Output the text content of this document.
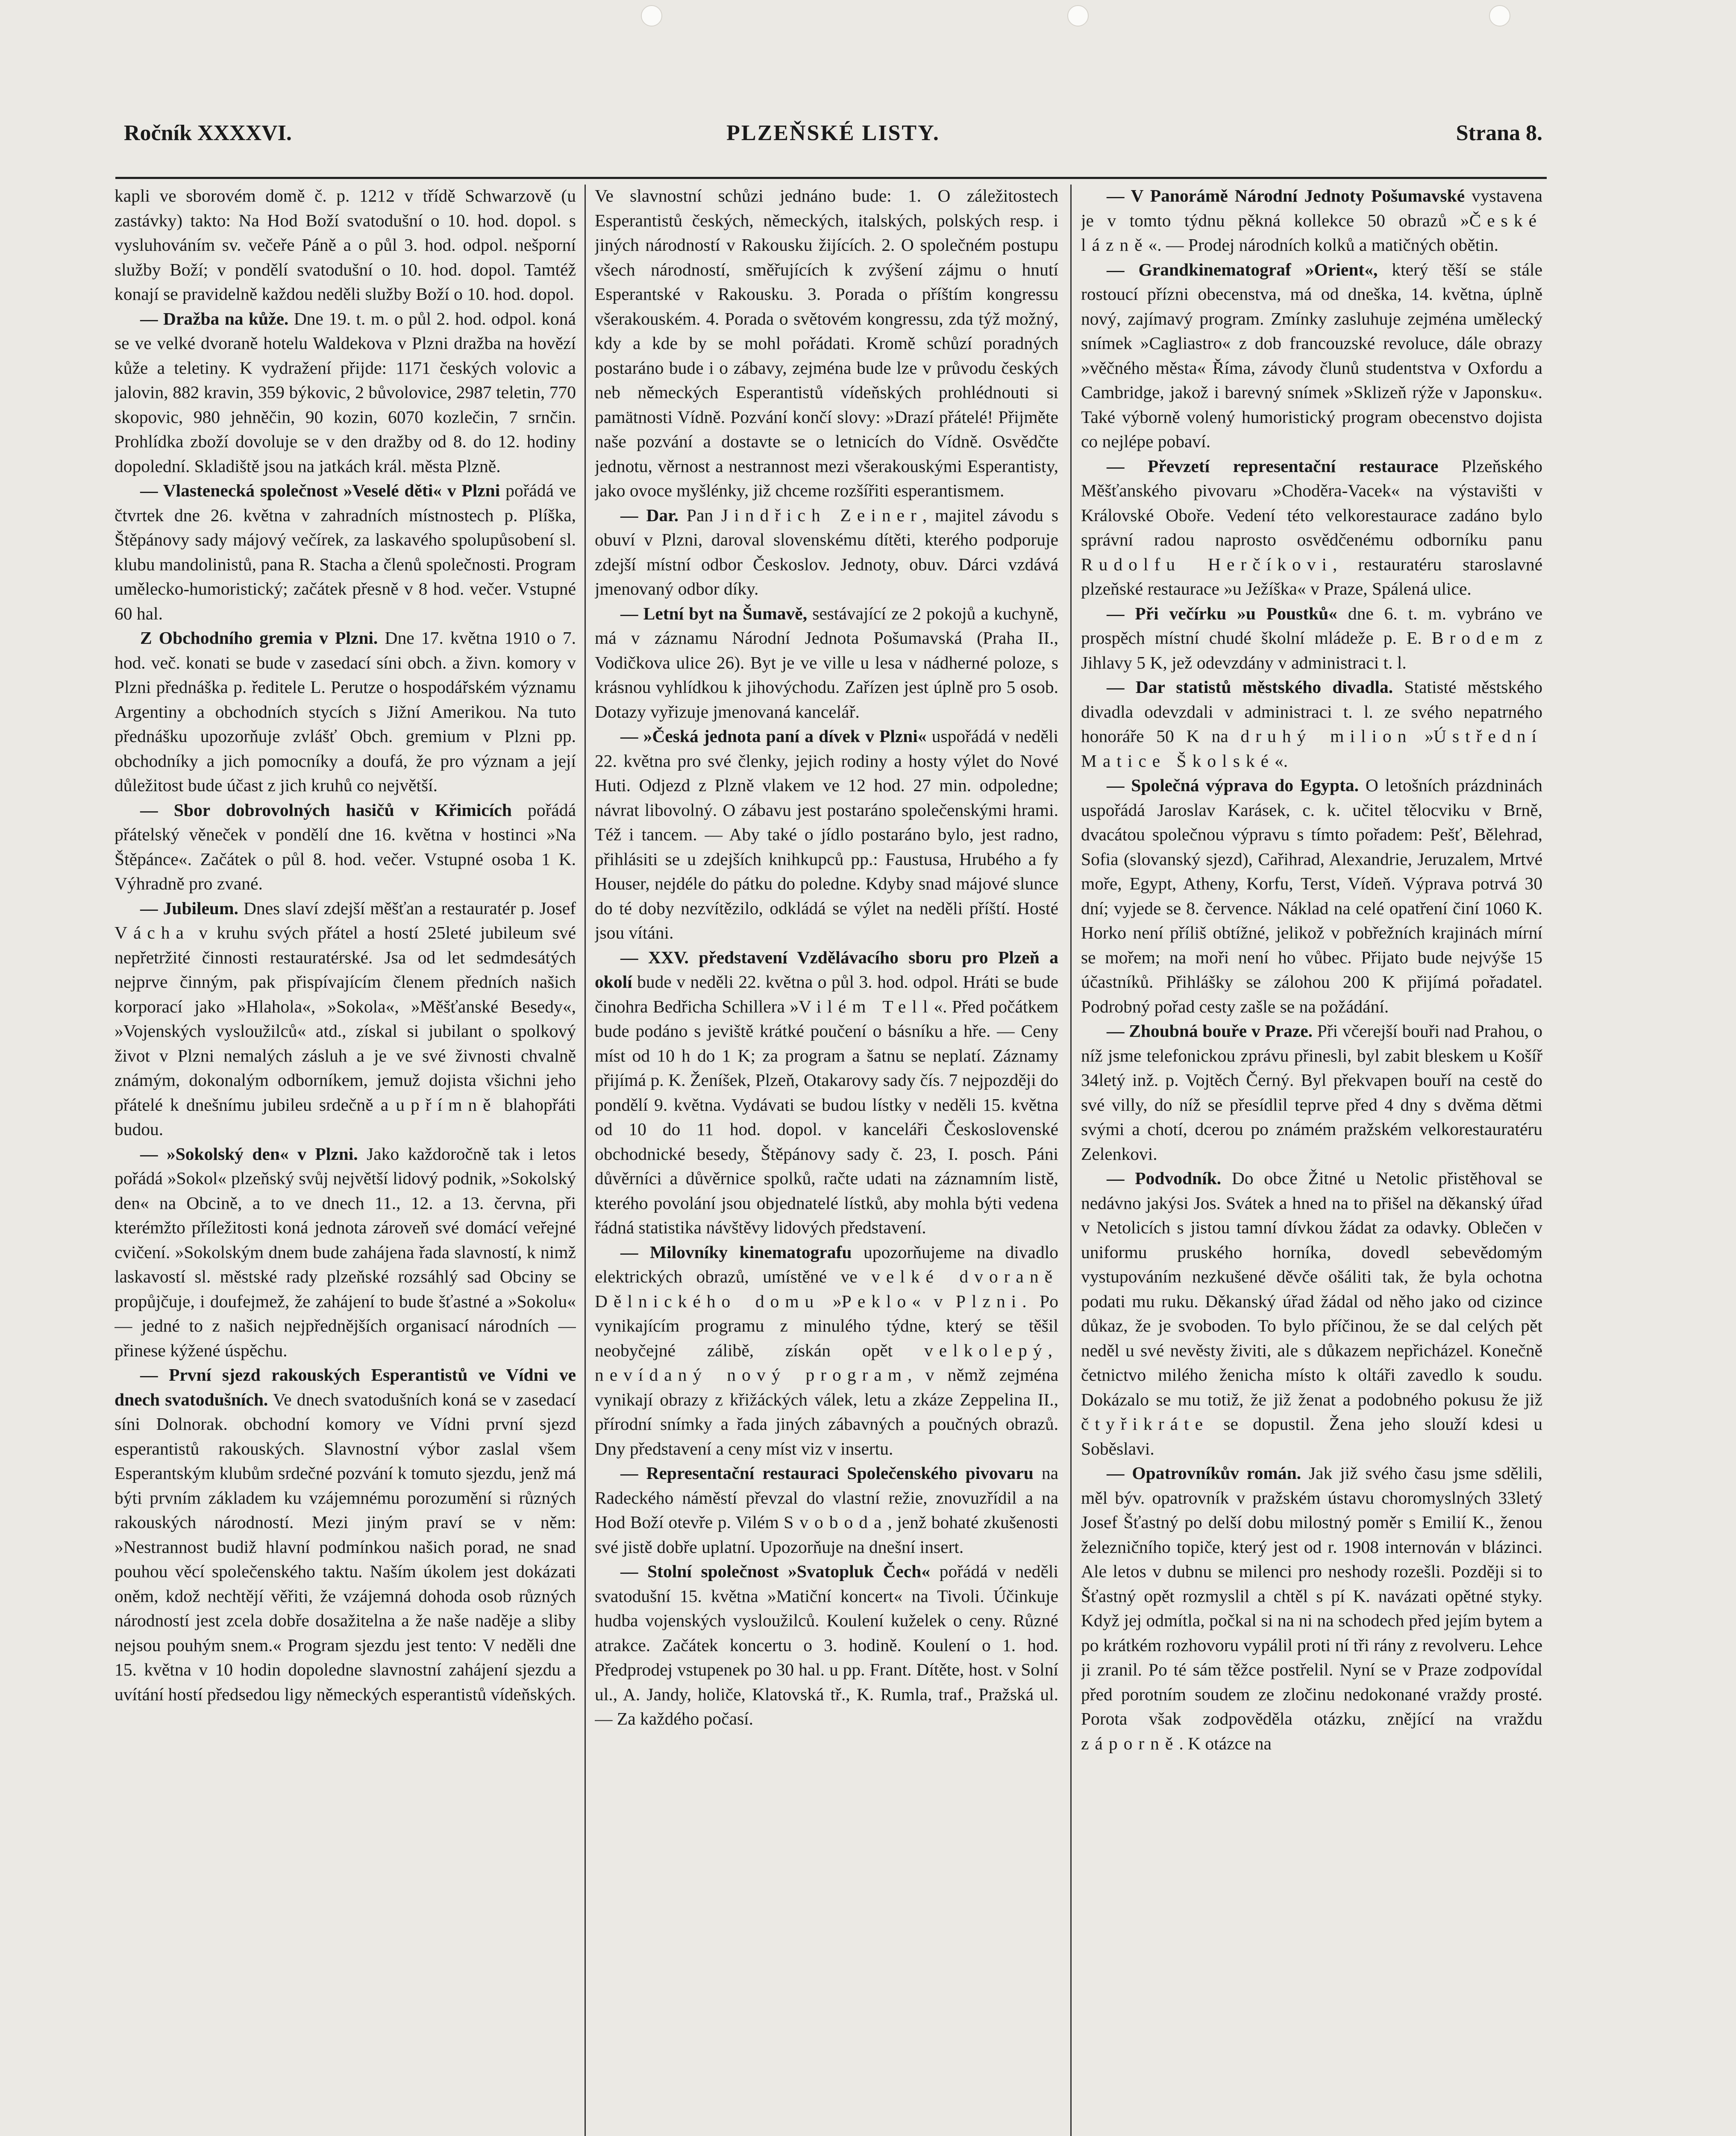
Ročník XXXXVI.	PLZEŇSKÉ LISTY.	Strana 8.

kapli ve sborovém domě č. p. 1212 v třídě Schwarzově (u zastávky) takto: Na Hod Boží svatodušní o 10. hod. dopol. s vysluhováním sv. večeře Páně a o půl 3. hod. odpol. nešporní služby Boží; v pondělí svatodušní o 10. hod. dopol. Tamtéž konají se pravidelně každou neděli služby Boží o 10. hod. dopol.

— Dražba na kůže. Dne 19. t. m. o půl 2. hod. odpol. koná se ve velké dvoraně hotelu Waldekova v Plzni dražba na hovězí kůže a teletiny. K vydražení přijde: 1171 českých volovic a jalovin, 882 kravin, 359 býkovic, 2 bůvolovice, 2987 teletin, 770 skopovic, 980 jehněčin, 90 kozin, 6070 kozlečin, 7 srnčin. Prohlídka zboží dovoluje se v den dražby od 8. do 12. hodiny dopolední. Skladiště jsou na jatkách král. města Plzně.

— Vlastenecká společnost »Veselé děti« v Plzni pořádá ve čtvrtek dne 26. května v zahradních místnostech p. Plíška, Štěpánovy sady májový večírek, za laskavého spolupůsobení sl. klubu mandolinistů, pana R. Stacha a členů společnosti. Program umělecko-humoristický; začátek přesně v 8 hod. večer. Vstupné 60 hal.

Z Obchodního gremia v Plzni. Dne 17. května 1910 o 7. hod. več. konati se bude v zasedací síni obch. a živn. komory v Plzni přednáška p. ředitele L. Perutze o hospodářském významu Argentiny a obchodních stycích s Jižní Amerikou. Na tuto přednášku upozorňuje zvlášť Obch. gremium v Plzni pp. obchodníky a jich pomocníky a doufá, že pro význam a její důležitost bude účast z jich kruhů co největší.

— Sbor dobrovolných hasičů v Křimicích pořádá přátelský věneček v pondělí dne 16. května v hostinci »Na Štěpánce«. Začátek o půl 8. hod. večer. Vstupné osoba 1 K. Výhradně pro zvané.

— Jubileum. Dnes slaví zdejší měšťan a restauratér p. Josef Vácha v kruhu svých přátel a hostí 25leté jubileum své nepřetržité činnosti restauratérské. Jsa od let sedmdesátých nejprve činným, pak přispívajícím členem předních našich korporací jako »Hlahola«, »Sokola«, »Měšťanské Besedy«, »Vojenských vysloužilců« atd., získal si jubilant o spolkový život v Plzni nemalých zásluh a je ve své živnosti chvalně známým, dokonalým odborníkem, jemuž dojista všichni jeho přátelé k dnešnímu jubileu srdečně a upřímně blahopřáti budou.

— »Sokolský den« v Plzni. Jako každoročně tak i letos pořádá »Sokol« plzeňský svůj největší lidový podnik, »Sokolský den« na Obcině, a to ve dnech 11., 12. a 13. června, při kterémžto příležitosti koná jednota zároveň své domácí veřejné cvičení. »Sokolským dnem bude zahájena řada slavností, k nimž laskavostí sl. městské rady plzeňské rozsáhlý sad Obciny se propůjčuje, i doufejmež, že zahájení to bude šťastné a »Sokolu« — jedné to z našich nejpřednějších organisací národních — přinese kýžené úspěchu.

— První sjezd rakouských Esperantistů ve Vídni ve dnech svatodušních. Ve dnech svatodušních koná se v zasedací síni Dolnorak. obchodní komory ve Vídni první sjezd esperantistů rakouských. Slavnostní výbor zaslal všem Esperantským klubům srdečné pozvání k tomuto sjezdu, jenž má býti prvním základem ku vzájemnému porozumění si různých rakouských národností. Mezi jiným praví se v něm: »Nestrannost budiž hlavní podmínkou našich porad, ne snad pouhou věcí společenského taktu. Naším úkolem jest dokázati oněm, kdož nechtějí věřiti, že vzájemná dohoda osob různých národností jest zcela dobře dosažitelna a že naše naděje a sliby nejsou pouhým snem.« Program sjezdu jest tento: V neděli dne 15. května v 10 hodin dopoledne slavnostní zahájení sjezdu a uvítání hostí předsedou ligy německých esperantistů vídeňských.

Ve slavnostní schůzi jednáno bude: 1. O záležitostech Esperantistů českých, německých, italských, polských resp. i jiných národností v Rakousku žijících. 2. O společném postupu všech národností, směřujících k zvýšení zájmu o hnutí Esperantské v Rakousku. 3. Porada o příštím kongressu všerakouském. 4. Porada o světovém kongressu, zda týž možný, kdy a kde by se mohl pořádati. Kromě schůzí poradných postaráno bude i o zábavy, zejména bude lze v průvodu českých neb německých Esperantistů vídeňských prohlédnouti si pamätnosti Vídně. Pozvání končí slovy: »Drazí přátelé! Přijměte naše pozvání a dostavte se o letnicích do Vídně. Osvědčte jednotu, věrnost a nestrannost mezi všerakouskými Esperantisty, jako ovoce myšlénky, již chceme rozšířiti esperantismem.

— Dar. Pan Jindřich Zeiner, majitel závodu s obuví v Plzni, daroval slovenskému dítěti, kterého podporuje zdejší místní odbor Českoslov. Jednoty, obuv. Dárci vzdává jmenovaný odbor díky.

— Letní byt na Šumavě, sestávající ze 2 pokojů a kuchyně, má v záznamu Národní Jednota Pošumavská (Praha II., Vodičkova ulice 26). Byt je ve ville u lesa v nádherné poloze, s krásnou vyhlídkou k jihovýchodu. Zařízen jest úplně pro 5 osob. Dotazy vyřizuje jmenovaná kancelář.

— »Česká jednota paní a dívek v Plzni« uspořádá v neděli 22. května pro své členky, jejich rodiny a hosty výlet do Nové Huti. Odjezd z Plzně vlakem ve 12 hod. 27 min. odpoledne; návrat libovolný. O zábavu jest postaráno společenskými hrami. Též i tancem. — Aby také o jídlo postaráno bylo, jest radno, přihlásiti se u zdejších knihkupců pp.: Faustusa, Hrubého a fy Houser, nejdéle do pátku do poledne. Kdyby snad májové slunce do té doby nezvítězilo, odkládá se výlet na neděli příští. Hosté jsou vítáni.

— XXV. představení Vzdělávacího sboru pro Plzeň a okolí bude v neděli 22. května o půl 3. hod. odpol. Hráti se bude činohra Bedřicha Schillera »Vilém Tell«. Před počátkem bude podáno s jeviště krátké poučení o básníku a hře. — Ceny míst od 10 h do 1 K; za program a šatnu se neplatí. Záznamy přijímá p. K. Ženíšek, Plzeň, Otakarovy sady čís. 7 nejpozději do pondělí 9. května. Vydávati se budou lístky v neděli 15. května od 10 do 11 hod. dopol. v kanceláři Československé obchodnické besedy, Štěpánovy sady č. 23, I. posch. Páni důvěrníci a důvěrnice spolků, račte udati na záznamním listě, kterého povolání jsou objednatelé lístků, aby mohla býti vedena řádná statistika návštěvy lidových představení.

— Milovníky kinematografu upozorňujeme na divadlo elektrických obrazů, umístěné ve velké dvoraně Dělnického domu »Peklo« v Plzni. Po vynikajícím programu z minulého týdne, který se těšil neobyčejné zálibě, získán opět velkolepý, nevídaný nový program, v němž zejména vynikají obrazy z křižáckých válek, letu a zkáze Zeppelina II., přírodní snímky a řada jiných zábavných a poučných obrazů. Dny představení a ceny míst viz v insertu.

— Representační restauraci Společenského pivovaru na Radeckého náměstí převzal do vlastní režie, znovuzřídil a na Hod Boží otevře p. Vilém Svoboda, jenž bohaté zkušenosti své jistě dobře uplatní. Upozorňuje na dnešní insert.

— Stolní společnost »Svatopluk Čech« pořádá v neděli svatodušní 15. května »Matiční koncert« na Tivoli. Účinkuje hudba vojenských vysloužilců. Koulení kuželek o ceny. Různé atrakce. Začátek koncertu o 3. hodině. Koulení o 1. hod. Předprodej vstupenek po 30 hal. u pp. Frant. Dítěte, host. v Solní ul., A. Jandy, holiče, Klatovská tř., K. Rumla, traf., Pražská ul. — Za každého počasí.

— V Panorámě Národní Jednoty Pošumavské vystavena je v tomto týdnu pěkná kollekce 50 obrazů »České lázně«. — Prodej národních kolků a matičných obětin.

— Grandkinematograf »Orient«, který těší se stále rostoucí přízni obecenstva, má od dneška, 14. května, úplně nový, zajímavý program. Zmínky zasluhuje zejména umělecký snímek »Cagliastro« z dob francouzské revoluce, dále obrazy »věčného města« Říma, závody člunů studentstva v Oxfordu a Cambridge, jakož i barevný snímek »Sklizeň rýže v Japonsku«. Také výborně volený humoristický program obecenstvo dojista co nejlépe pobaví.

— Převzetí representační restaurace Plzeňského Měšťanského pivovaru »Choděra-Vacek« na výstavišti v Královské Oboře. Vedení této velkorestaurace zadáno bylo správní radou naprosto osvědčenému odborníku panu Rudolfu Herčíkovi, restauratéru staroslavné plzeňské restaurace »u Ježíška« v Praze, Spálená ulice.

— Při večírku »u Poustků« dne 6. t. m. vybráno ve prospěch místní chudé školní mládeže p. E. Brodem z Jihlavy 5 K, jež odevzdány v administraci t. l.

— Dar statistů městského divadla. Statisté městského divadla odevzdali v administraci t. l. ze svého nepatrného honoráře 50 K na druhý milion »Ústřední Matice Školské«.

— Společná výprava do Egypta. O letošních prázdninách uspořádá Jaroslav Karásek, c. k. učitel tělocviku v Brně, dvacátou společnou výpravu s tímto pořadem: Pešť, Bělehrad, Sofia (slovanský sjezd), Cařihrad, Alexandrie, Jeruzalem, Mrtvé moře, Egypt, Atheny, Korfu, Terst, Vídeň. Výprava potrvá 30 dní; vyjede se 8. července. Náklad na celé opatření činí 1060 K. Horko není příliš obtížné, jelikož v pobřežních krajinách mírní se mořem; na moři není ho vůbec. Přijato bude nejvýše 15 účastníků. Přihlášky se zálohou 200 K přijímá pořadatel. Podrobný pořad cesty zašle se na požádání.

— Zhoubná bouře v Praze. Při včerejší bouři nad Prahou, o níž jsme telefonickou zprávu přinesli, byl zabit bleskem u Košíř 34letý inž. p. Vojtěch Černý. Byl překvapen bouří na cestě do své villy, do níž se přesídlil teprve před 4 dny s dvěma dětmi svými a chotí, dcerou po známém pražském velkorestauratéru Zelenkovi.

— Podvodník. Do obce Žitné u Netolic přistěhoval se nedávno jakýsi Jos. Svátek a hned na to přišel na děkanský úřad v Netolicích s jistou tamní dívkou žádat za odavky. Oblečen v uniformu pruského horníka, dovedl sebevědomým vystupováním nezkušené děvče ošáliti tak, že byla ochotna podati mu ruku. Děkanský úřad žádal od něho jako od cizince důkaz, že je svoboden. To bylo příčinou, že se dal celých pět neděl u své nevěsty živiti, ale s důkazem nepřicházel. Konečně četnictvo milého ženicha místo k oltáři zavedlo k soudu. Dokázalo se mu totiž, že již ženat a podobného pokusu že již čtyřikráte se dopustil. Žena jeho slouží kdesi u Soběslavi.

— Opatrovníkův román. Jak již svého času jsme sdělili, měl býv. opatrovník v pražském ústavu choromyslných 33letý Josef Šťastný po delší dobu milostný poměr s Emilií K., ženou železničního topiče, který jest od r. 1908 internován v blázinci. Ale letos v dubnu se milenci pro neshody rozešli. Později si to Šťastný opět rozmyslil a chtěl s pí K. navázati opětné styky. Když jej odmítla, počkal si na ni na schodech před jejím bytem a po krátkém rozhovoru vypálil proti ní tři rány z revolveru. Lehce ji zranil. Po té sám těžce postřelil. Nyní se v Praze zodpovídal před porotním soudem ze zločinu nedokonané vraždy prosté. Porota však zodpověděla otázku, znějící na vraždu záporně. K otázce na
